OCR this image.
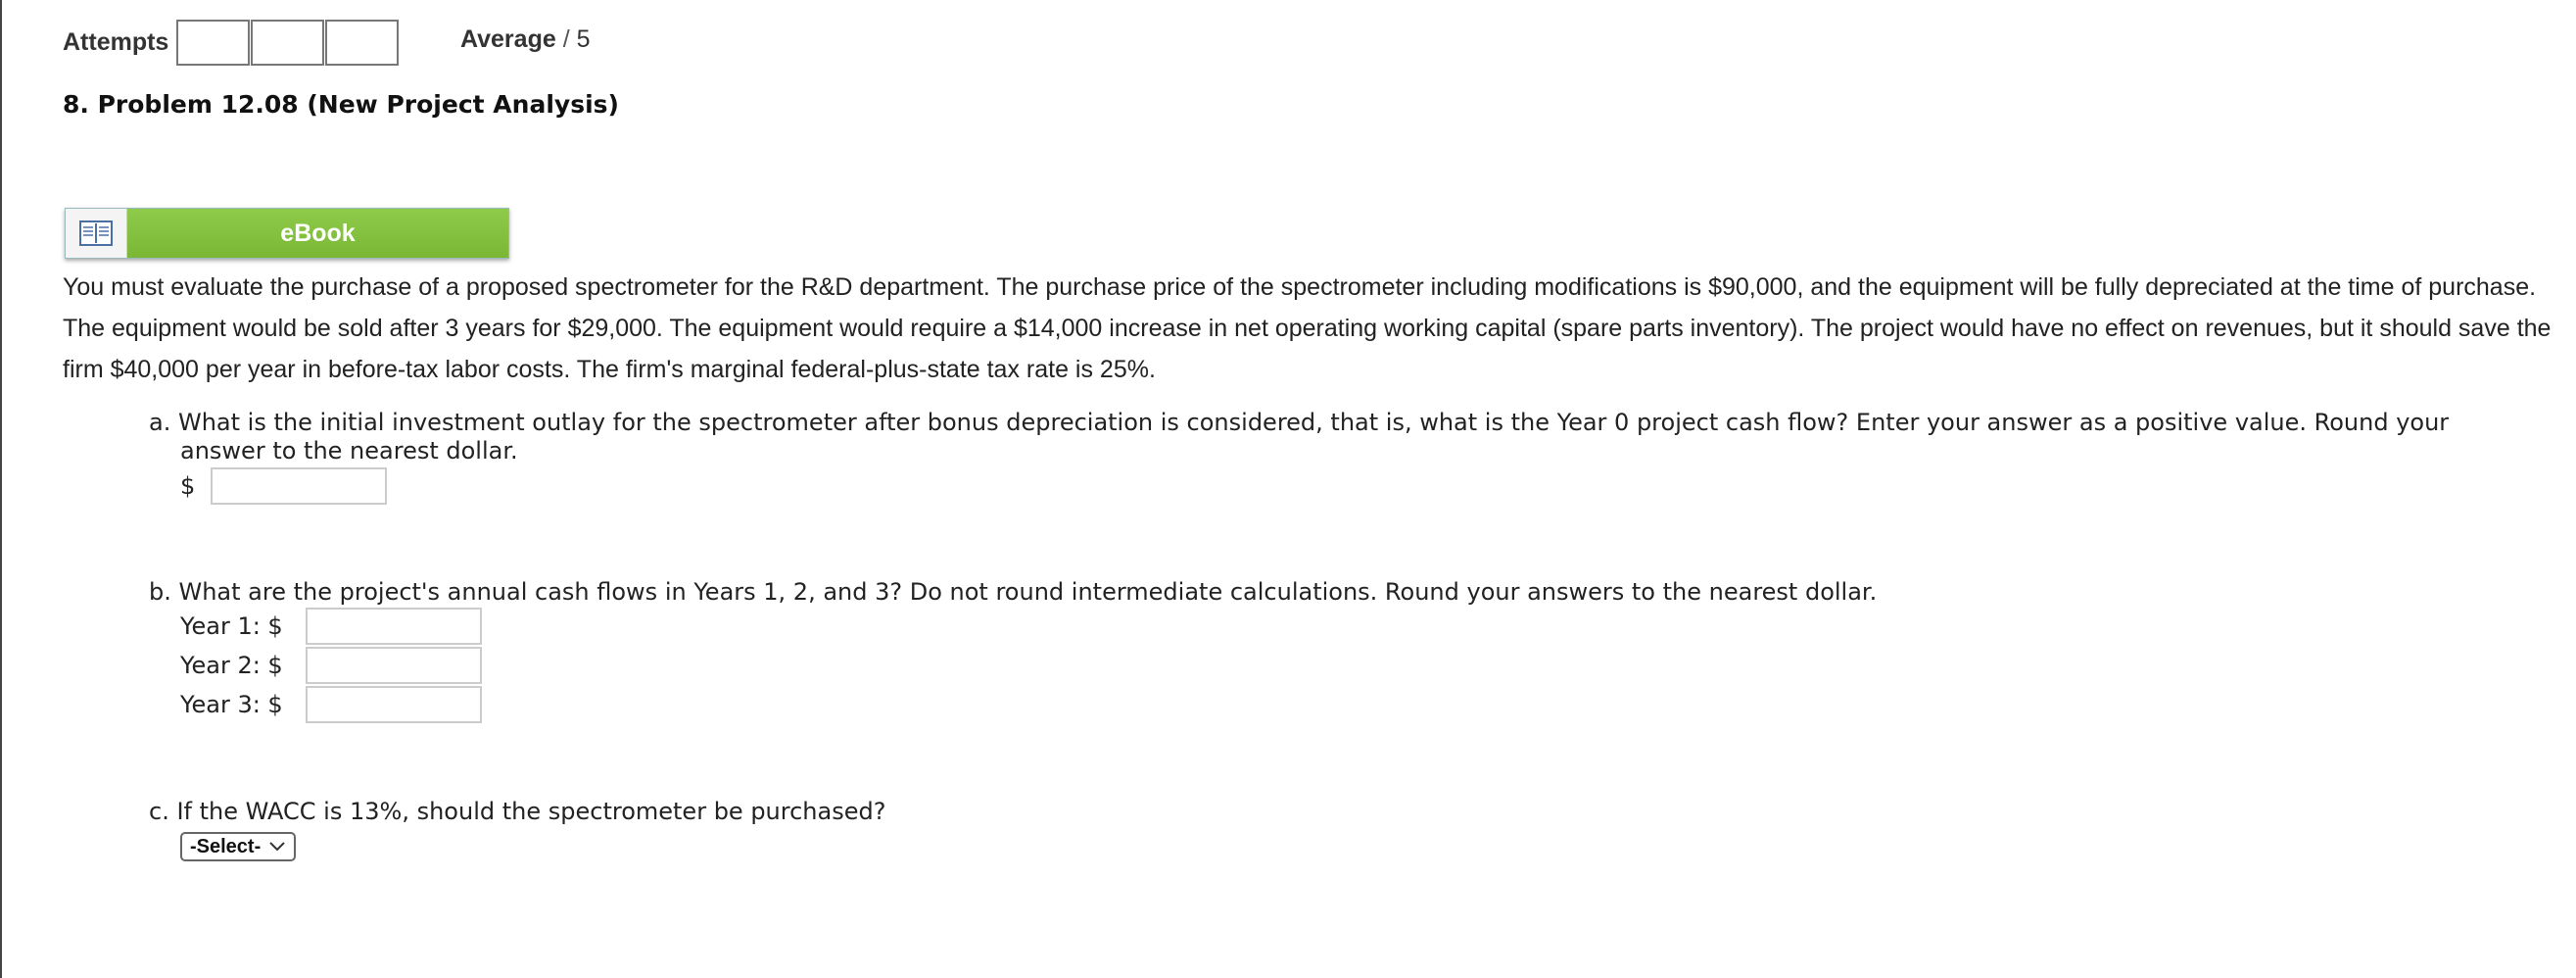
Attempts	Average / 5
8. Problem 12.08 (New Project Analysis)
eBook
You must evaluate the purchase of a proposed spectrometer for the R&D department. The purchase price of the spectrometer including modifications is $90,000, and the equipment will be fully depreciated at the time of purchase. The equipment would be sold after 3 years for $29,000. The equipment would require a $14,000 increase in net operating working capital (spare parts inventory). The project would have no effect on revenues, but it should save the firm $40,000 per year in before-tax labor costs. The firm's marginal federal-plus-state tax rate is 25%.
a. What is the initial investment outlay for the spectrometer after bonus depreciation is considered, that is, what is the Year 0 project cash flow? Enter your answer as a positive value. Round your answer to the nearest dollar.
$
b. What are the project's annual cash flows in Years 1, 2, and 3? Do not round intermediate calculations. Round your answers to the nearest dollar.
Year 1: $
Year 2: $
Year 3: $
c. If the WACC is 13%, should the spectrometer be purchased?
-Select-
